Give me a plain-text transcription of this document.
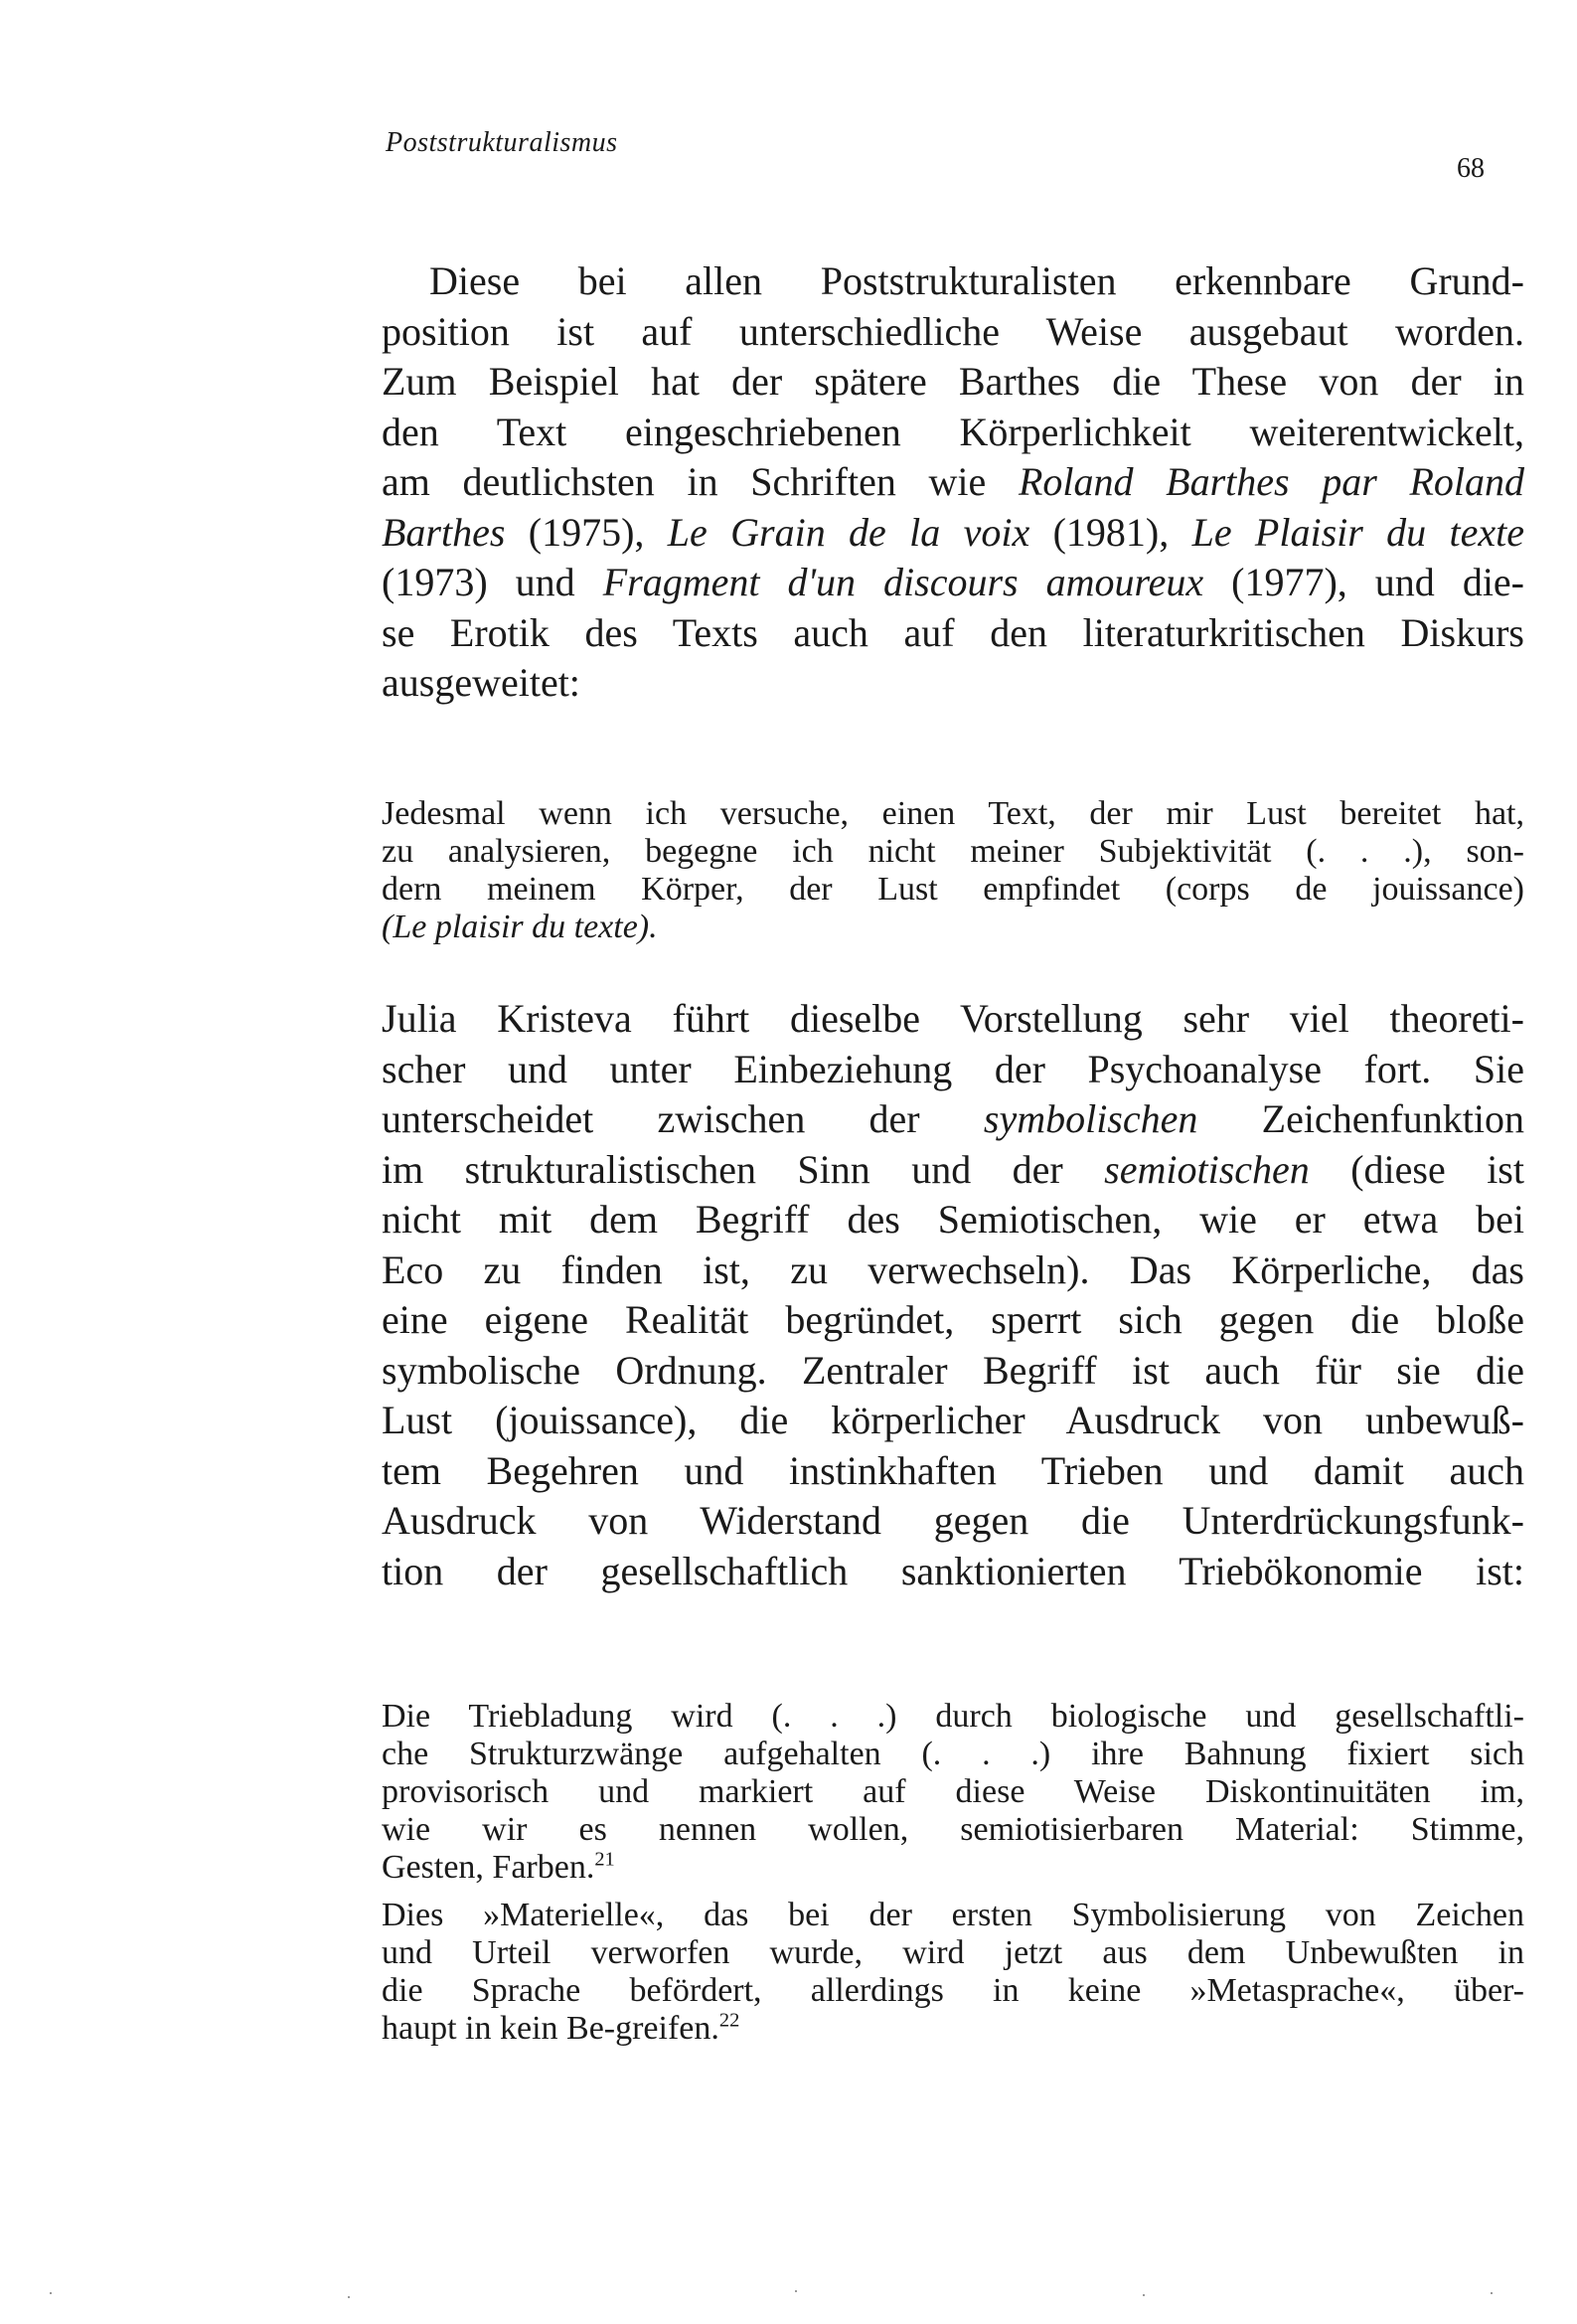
Poststrukturalismus
68
Diese bei allen Poststrukturalisten erkennbare Grund-
position ist auf unterschiedliche Weise ausgebaut worden.
Zum Beispiel hat der spätere Barthes die These von der in
den Text eingeschriebenen Körperlichkeit weiterentwickelt,
am deutlichsten in Schriften wie Roland Barthes par Roland
Barthes (1975), Le Grain de la voix (1981), Le Plaisir du texte
(1973) und Fragment d'un discours amoureux (1977), und die-
se Erotik des Texts auch auf den literaturkritischen Diskurs
ausgeweitet:
Jedesmal wenn ich versuche, einen Text, der mir Lust bereitet hat,
zu analysieren, begegne ich nicht meiner Subjektivität (. . .), son-
dern meinem Körper, der Lust empfindet (corps de jouissance)
(Le plaisir du texte).
Julia Kristeva führt dieselbe Vorstellung sehr viel theoreti-
scher und unter Einbeziehung der Psychoanalyse fort. Sie
unterscheidet zwischen der symbolischen Zeichenfunktion
im strukturalistischen Sinn und der semiotischen (diese ist
nicht mit dem Begriff des Semiotischen, wie er etwa bei
Eco zu finden ist, zu verwechseln). Das Körperliche, das
eine eigene Realität begründet, sperrt sich gegen die bloße
symbolische Ordnung. Zentraler Begriff ist auch für sie die
Lust (jouissance), die körperlicher Ausdruck von unbewuß-
tem Begehren und instinkhaften Trieben und damit auch
Ausdruck von Widerstand gegen die Unterdrückungsfunk-
tion der gesellschaftlich sanktionierten Triebökonomie ist:
Die Triebladung wird (. . .) durch biologische und gesellschaftli-
che Strukturzwänge aufgehalten (. . .) ihre Bahnung fixiert sich
provisorisch und markiert auf diese Weise Diskontinuitäten im,
wie wir es nennen wollen, semiotisierbaren Material: Stimme,
Gesten, Farben.$^{21}$
Dies »Materielle«, das bei der ersten Symbolisierung von Zeichen
und Urteil verworfen wurde, wird jetzt aus dem Unbewußten in
die Sprache befördert, allerdings in keine »Metasprache«, über-
haupt in kein Be-greifen.$^{22}$
